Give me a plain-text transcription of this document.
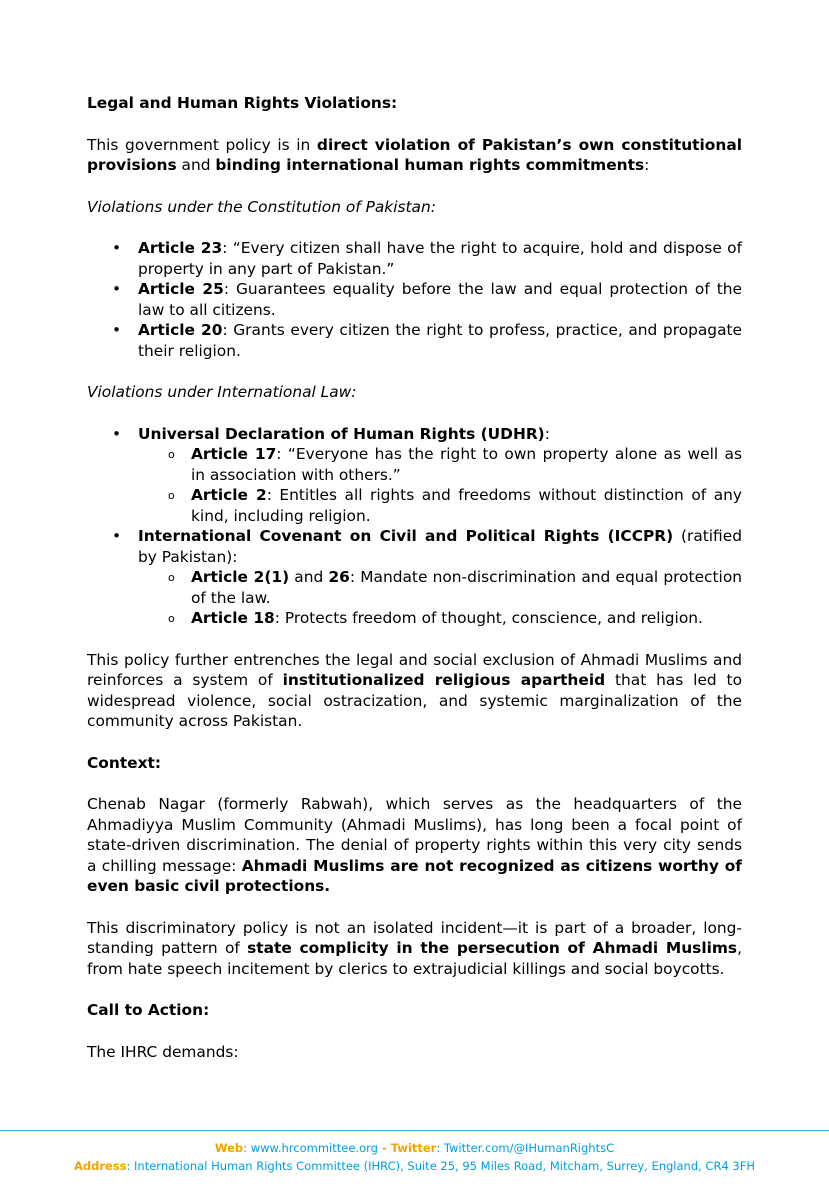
Legal and Human Rights Violations:

This government policy is in direct violation of Pakistan’s own constitutional provisions and binding international human rights commitments:

Violations under the Constitution of Pakistan:

• Article 23: “Every citizen shall have the right to acquire, hold and dispose of property in any part of Pakistan.”
• Article 25: Guarantees equality before the law and equal protection of the law to all citizens.
• Article 20: Grants every citizen the right to profess, practice, and propagate their religion.

Violations under International Law:

• Universal Declaration of Human Rights (UDHR):
o Article 17: “Everyone has the right to own property alone as well as in association with others.”
o Article 2: Entitles all rights and freedoms without distinction of any kind, including religion.
• International Covenant on Civil and Political Rights (ICCPR) (ratified by Pakistan):
o Article 2(1) and 26: Mandate non-discrimination and equal protection of the law.
o Article 18: Protects freedom of thought, conscience, and religion.

This policy further entrenches the legal and social exclusion of Ahmadi Muslims and reinforces a system of institutionalized religious apartheid that has led to widespread violence, social ostracization, and systemic marginalization of the community across Pakistan.

Context:

Chenab Nagar (formerly Rabwah), which serves as the headquarters of the Ahmadiyya Muslim Community (Ahmadi Muslims), has long been a focal point of state-driven discrimination. The denial of property rights within this very city sends a chilling message: Ahmadi Muslims are not recognized as citizens worthy of even basic civil protections.

This discriminatory policy is not an isolated incident—it is part of a broader, long-standing pattern of state complicity in the persecution of Ahmadi Muslims, from hate speech incitement by clerics to extrajudicial killings and social boycotts.

Call to Action:

The IHRC demands:

Web: www.hrcommittee.org - Twitter: Twitter.com/@IHumanRightsC
Address: International Human Rights Committee (IHRC), Suite 25, 95 Miles Road, Mitcham, Surrey, England, CR4 3FH
